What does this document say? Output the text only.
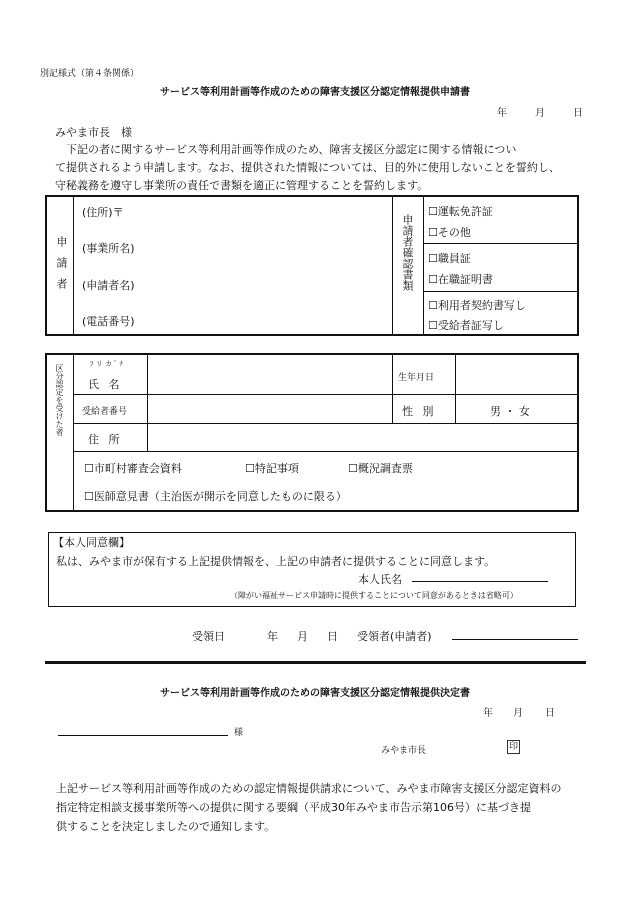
別記様式（第４条関係）
サービス等利用計画等作成のための障害支援区分認定情報提供申請書
年	月	日
みやま市長　様
下記の者に関するサービス等利用計画等作成のため、障害支援区分認定に関する情報につい
て提供されるよう申請します。なお、提供された情報については、目的外に使用しないことを誓約し、
守秘義務を遵守し事業所の責任で書類を適正に管理することを誓約します。
申請者
(住所)〒
(事業所名)
(申請者名)
(電話番号)
申請者確認書類
☐運転免許証
☐その他
☐職員証
☐在職証明書
☐利用者契約書写し
☐受給者証写し
区分認定を受けた者	ﾌ リ カ ﾞ ﾅ
氏 名	生年月日
受給者番号	性 別	男 ・ 女
住 所
☐市町村審査会資料	☐特記事項	☐概況調査票
☐医師意見書（主治医が開示を同意したものに限る）
【本人同意欄】
私は、みやま市が保有する上記提供情報を、上記の申請者に提供することに同意します。
本人氏名
（障がい福祉サービス申請時に提供することについて同意があるときは省略可）
受領日	年 月 日 受領者(申請者)
サービス等利用計画等作成のための障害支援区分認定情報提供決定書
年 月 日
様
みやま市長	印
上記サービス等利用計画等作成のための認定情報提供請求について、みやま市障害支援区分認定資料の
指定特定相談支援事業所等への提供に関する要綱（平成30年みやま市告示第106号）に基づき提
供することを決定しましたので通知します。
